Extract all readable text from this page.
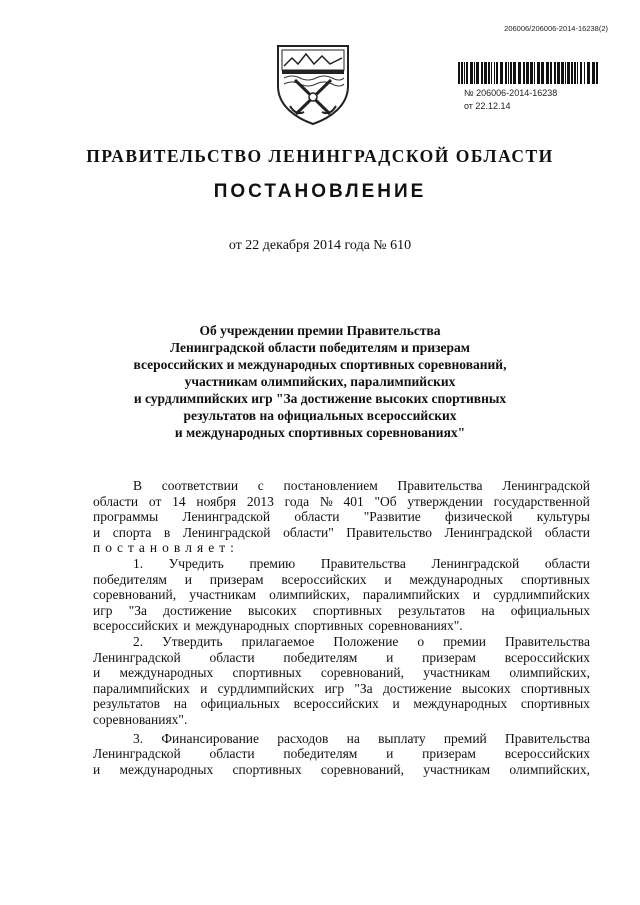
206006/206006-2014-16238(2)
№ 206006-2014-16238
от 22.12.14
ПРАВИТЕЛЬСТВО ЛЕНИНГРАДСКОЙ ОБЛАСТИ
ПОСТАНОВЛЕНИЕ
от 22 декабря 2014 года № 610
Об учреждении премии Правительства
Ленинградской области победителям и призерам
всероссийских и международных спортивных соревнований,
участникам олимпийских, паралимпийских
и сурдлимпийских игр "За достижение высоких спортивных
результатов на официальных всероссийских
и международных спортивных соревнованиях"
В соответствии с постановлением Правительства Ленинградской
области от 14 ноября 2013 года № 401 "Об утверждении государственной
программы Ленинградской области "Развитие физической культуры
и спорта в Ленинградской области" Правительство Ленинградской области
п о с т а н о в л я е т :
1. Учредить премию Правительства Ленинградской области
победителям и призерам всероссийских и международных спортивных
соревнований, участникам олимпийских, паралимпийских и сурдлимпийских
игр "За достижение высоких спортивных результатов на официальных
всероссийских и международных спортивных соревнованиях".
2. Утвердить прилагаемое Положение о премии Правительства
Ленинградской области победителям и призерам всероссийских
и международных спортивных соревнований, участникам олимпийских,
паралимпийских и сурдлимпийских игр "За достижение высоких спортивных
результатов на официальных всероссийских и международных спортивных
соревнованиях".
3. Финансирование расходов на выплату премий Правительства
Ленинградской области победителям и призерам всероссийских
и международных спортивных соревнований, участникам олимпийских,
